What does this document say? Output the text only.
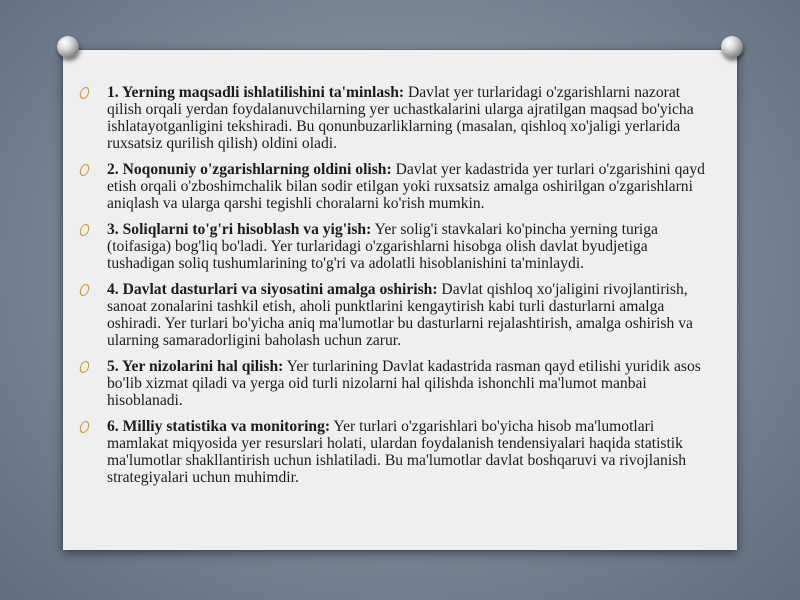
1. Yerning maqsadli ishlatilishini ta'minlash: Davlat yer turlaridagi o'zgarishlarni nazorat qilish orqali yerdan foydalanuvchilarning yer uchastkalarini ularga ajratilgan maqsad bo'yicha ishlatayotganligini tekshiradi. Bu qonunbuzarliklarning (masalan, qishloq xo'jaligi yerlarida ruxsatsiz qurilish qilish) oldini oladi.
2. Noqonuniy o'zgarishlarning oldini olish: Davlat yer kadastrida yer turlari o'zgarishini qayd etish orqali o'zboshimchalik bilan sodir etilgan yoki ruxsatsiz amalga oshirilgan o'zgarishlarni aniqlash va ularga qarshi tegishli choralarni ko'rish mumkin.
3. Soliqlarni to'g'ri hisoblash va yig'ish: Yer solig'i stavkalari ko'pincha yerning turiga (toifasiga) bog'liq bo'ladi. Yer turlaridagi o'zgarishlarni hisobga olish davlat byudjetiga tushadigan soliq tushumlarining to'g'ri va adolatli hisoblanishini ta'minlaydi.
4. Davlat dasturlari va siyosatini amalga oshirish: Davlat qishloq xo'jaligini rivojlantirish, sanoat zonalarini tashkil etish, aholi punktlarini kengaytirish kabi turli dasturlarni amalga oshiradi. Yer turlari bo'yicha aniq ma'lumotlar bu dasturlarni rejalashtirish, amalga oshirish va ularning samaradorligini baholash uchun zarur.
5. Yer nizolarini hal qilish: Yer turlarining Davlat kadastrida rasman qayd etilishi yuridik asos bo'lib xizmat qiladi va yerga oid turli nizolarni hal qilishda ishonchli ma'lumot manbai hisoblanadi.
6. Milliy statistika va monitoring: Yer turlari o'zgarishlari bo'yicha hisob ma'lumotlari mamlakat miqyosida yer resurslari holati, ulardan foydalanish tendensiyalari haqida statistik ma'lumotlar shakllantirish uchun ishlatiladi. Bu ma'lumotlar davlat boshqaruvi va rivojlanish strategiyalari uchun muhimdir.
